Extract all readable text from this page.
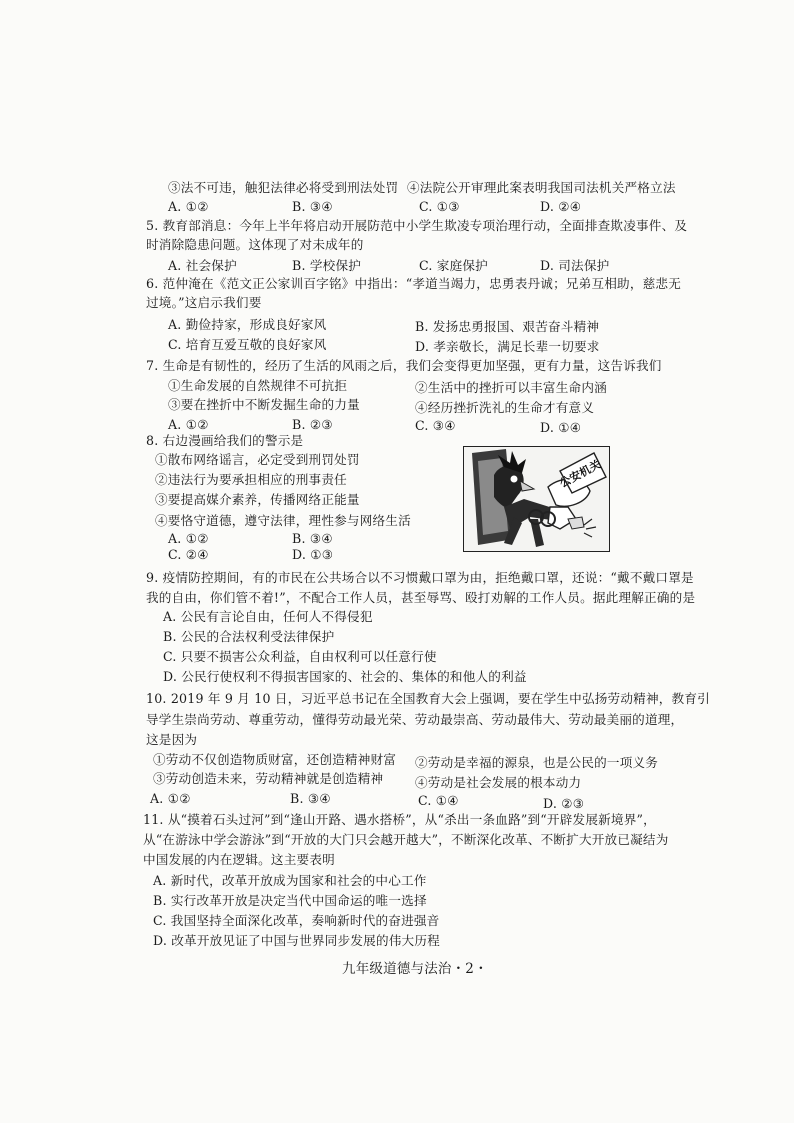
③法不可违，触犯法律必将受到刑法处罚 ④法院公开审理此案表明我国司法机关严格立法
A. ①②	B. ③④	C. ①③	D. ②④
5. 教育部消息：今年上半年将启动开展防范中小学生欺凌专项治理行动，全面排查欺凌事件、及
时消除隐患问题。这体现了对未成年的
A. 社会保护	B. 学校保护	C. 家庭保护	D. 司法保护
6. 范仲淹在《范文正公家训百字铭》中指出：“孝道当竭力，忠勇表丹诚；兄弟互相助，慈悲无
过境。”这启示我们要
A. 勤俭持家，形成良好家风	B. 发扬忠勇报国、艰苦奋斗精神
C. 培育互爱互敬的良好家风	D. 孝亲敬长，满足长辈一切要求
7. 生命是有韧性的，经历了生活的风雨之后，我们会变得更加坚强，更有力量，这告诉我们
①生命发展的自然规律不可抗拒	②生活中的挫折可以丰富生命内涵
③要在挫折中不断发掘生命的力量	④经历挫折洗礼的生命才有意义
A. ①②	B. ②③	C. ③④	D. ①④
8. 右边漫画给我们的警示是
①散布网络谣言，必定受到刑罚处罚
②违法行为要承担相应的刑事责任
③要提高媒介素养，传播网络正能量
④要恪守道德，遵守法律，理性参与网络生活
A. ①②	B. ③④
C. ②④	D. ①③
公安机关
9. 疫情防控期间，有的市民在公共场合以不习惯戴口罩为由，拒绝戴口罩，还说：“戴不戴口罩是
我的自由，你们管不着!”，不配合工作人员，甚至辱骂、殴打劝解的工作人员。据此理解正确的是
A. 公民有言论自由，任何人不得侵犯
B. 公民的合法权利受法律保护
C. 只要不损害公众利益，自由权利可以任意行使
D. 公民行使权利不得损害国家的、社会的、集体的和他人的利益
10. 2019 年 9 月 10 日，习近平总书记在全国教育大会上强调，要在学生中弘扬劳动精神，教育引
导学生崇尚劳动、尊重劳动，懂得劳动最光荣、劳动最崇高、劳动最伟大、劳动最美丽的道理，
这是因为
①劳动不仅创造物质财富，还创造精神财富 ②劳动是幸福的源泉，也是公民的一项义务
③劳动创造未来，劳动精神就是创造精神	④劳动是社会发展的根本动力
A. ①②	B. ③④	C. ①④	D. ②③
11. 从“摸着石头过河”到“逢山开路、遇水搭桥”，从“杀出一条血路”到“开辟发展新境界”，
从“在游泳中学会游泳”到“开放的大门只会越开越大”，不断深化改革、不断扩大开放已凝结为
中国发展的内在逻辑。这主要表明
A. 新时代，改革开放成为国家和社会的中心工作
B. 实行改革开放是决定当代中国命运的唯一选择
C. 我国坚持全面深化改革，奏响新时代的奋进强音
D. 改革开放见证了中国与世界同步发展的伟大历程
九年级道德与法治・2・
